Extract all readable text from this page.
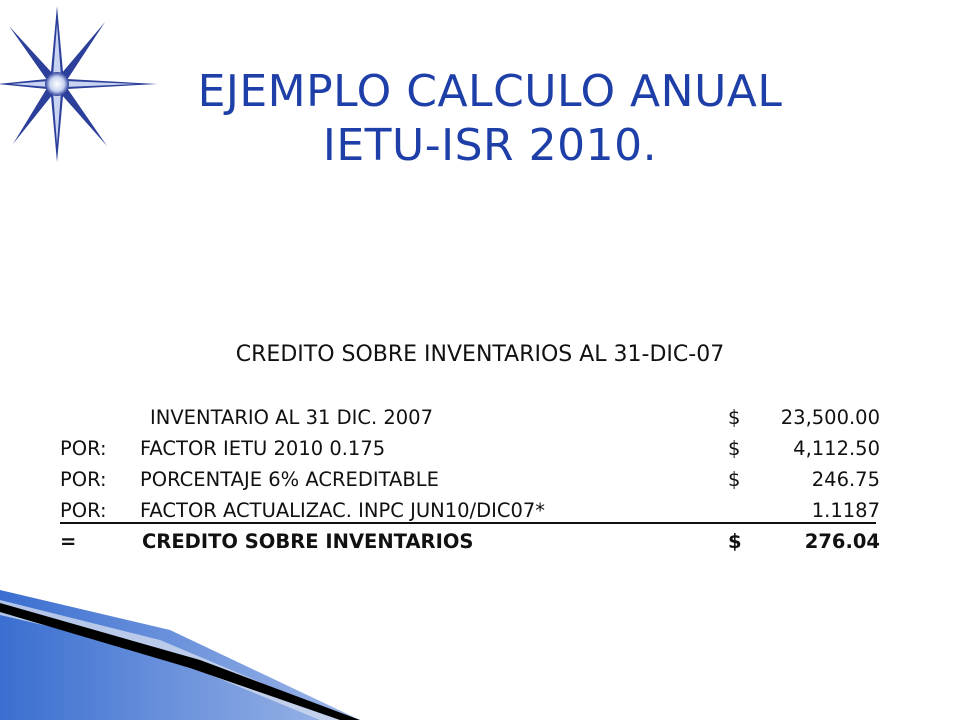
EJEMPLO CALCULO ANUAL
IETU-ISR 2010.
CREDITO SOBRE INVENTARIOS AL 31-DIC-07
INVENTARIO AL 31 DIC. 2007	$	23,500.00
POR: FACTOR IETU 2010 0.175	$	4,112.50
POR: PORCENTAJE 6% ACREDITABLE	$	246.75
POR: FACTOR ACTUALIZAC. INPC JUN10/DIC07*	1.1187
=	CREDITO SOBRE INVENTARIOS	$	276.04
